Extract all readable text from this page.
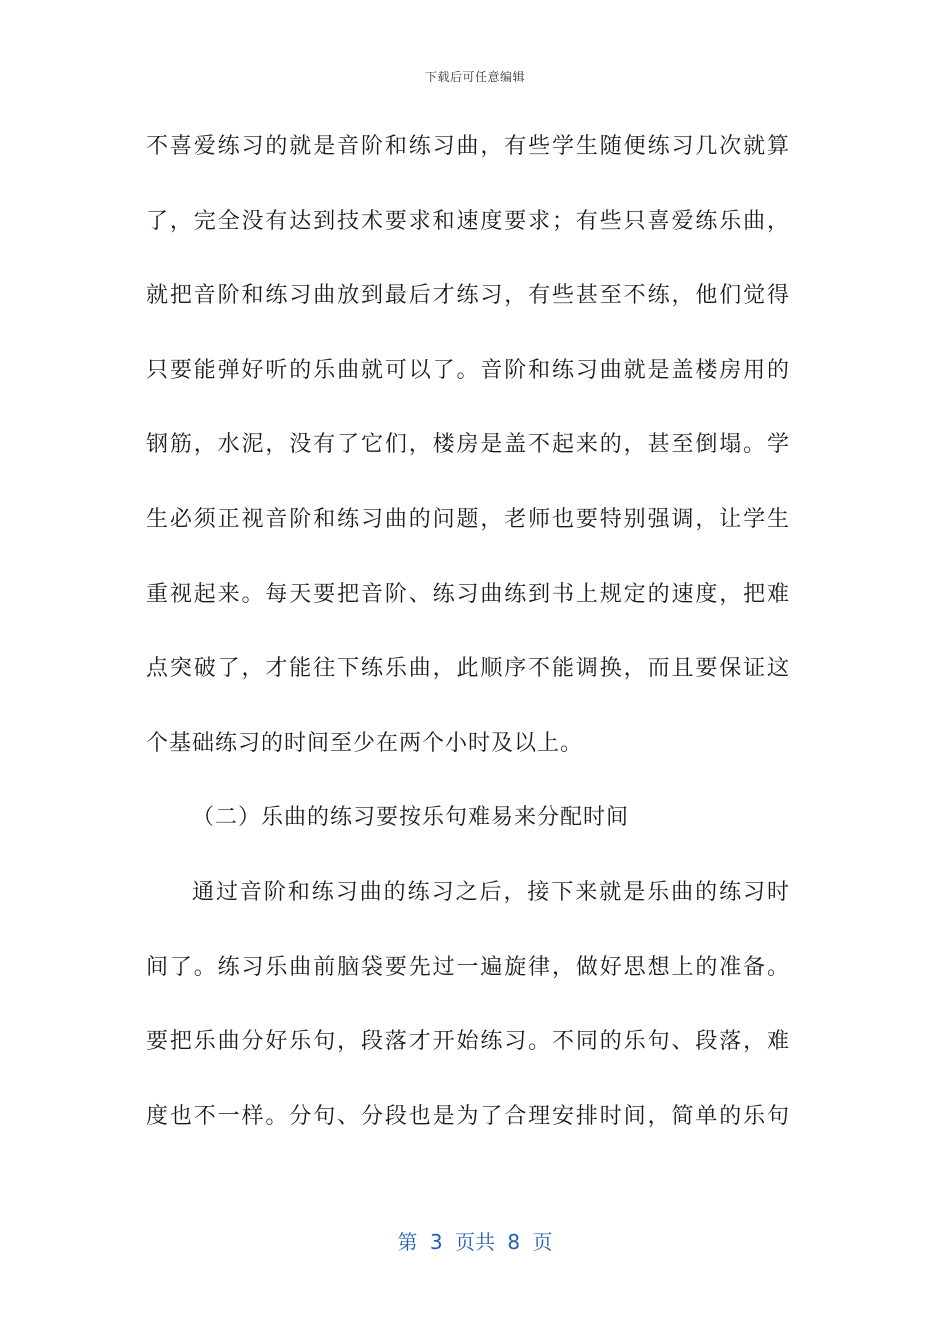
下载后可任意编辑
不喜爱练习的就是音阶和练习曲，有些学生随便练习几次就算
了，完全没有达到技术要求和速度要求；有些只喜爱练乐曲，
就把音阶和练习曲放到最后才练习，有些甚至不练，他们觉得
只要能弹好听的乐曲就可以了。音阶和练习曲就是盖楼房用的
钢筋，水泥，没有了它们，楼房是盖不起来的，甚至倒塌。学
生必须正视音阶和练习曲的问题，老师也要特别强调，让学生
重视起来。每天要把音阶、练习曲练到书上规定的速度，把难
点突破了，才能往下练乐曲，此顺序不能调换，而且要保证这
个基础练习的时间至少在两个小时及以上。
（二）乐曲的练习要按乐句难易来分配时间
通过音阶和练习曲的练习之后，接下来就是乐曲的练习时
间了。练习乐曲前脑袋要先过一遍旋律，做好思想上的准备。
要把乐曲分好乐句，段落才开始练习。不同的乐句、段落，难
度也不一样。分句、分段也是为了合理安排时间，简单的乐句
第 3 页共 8 页
